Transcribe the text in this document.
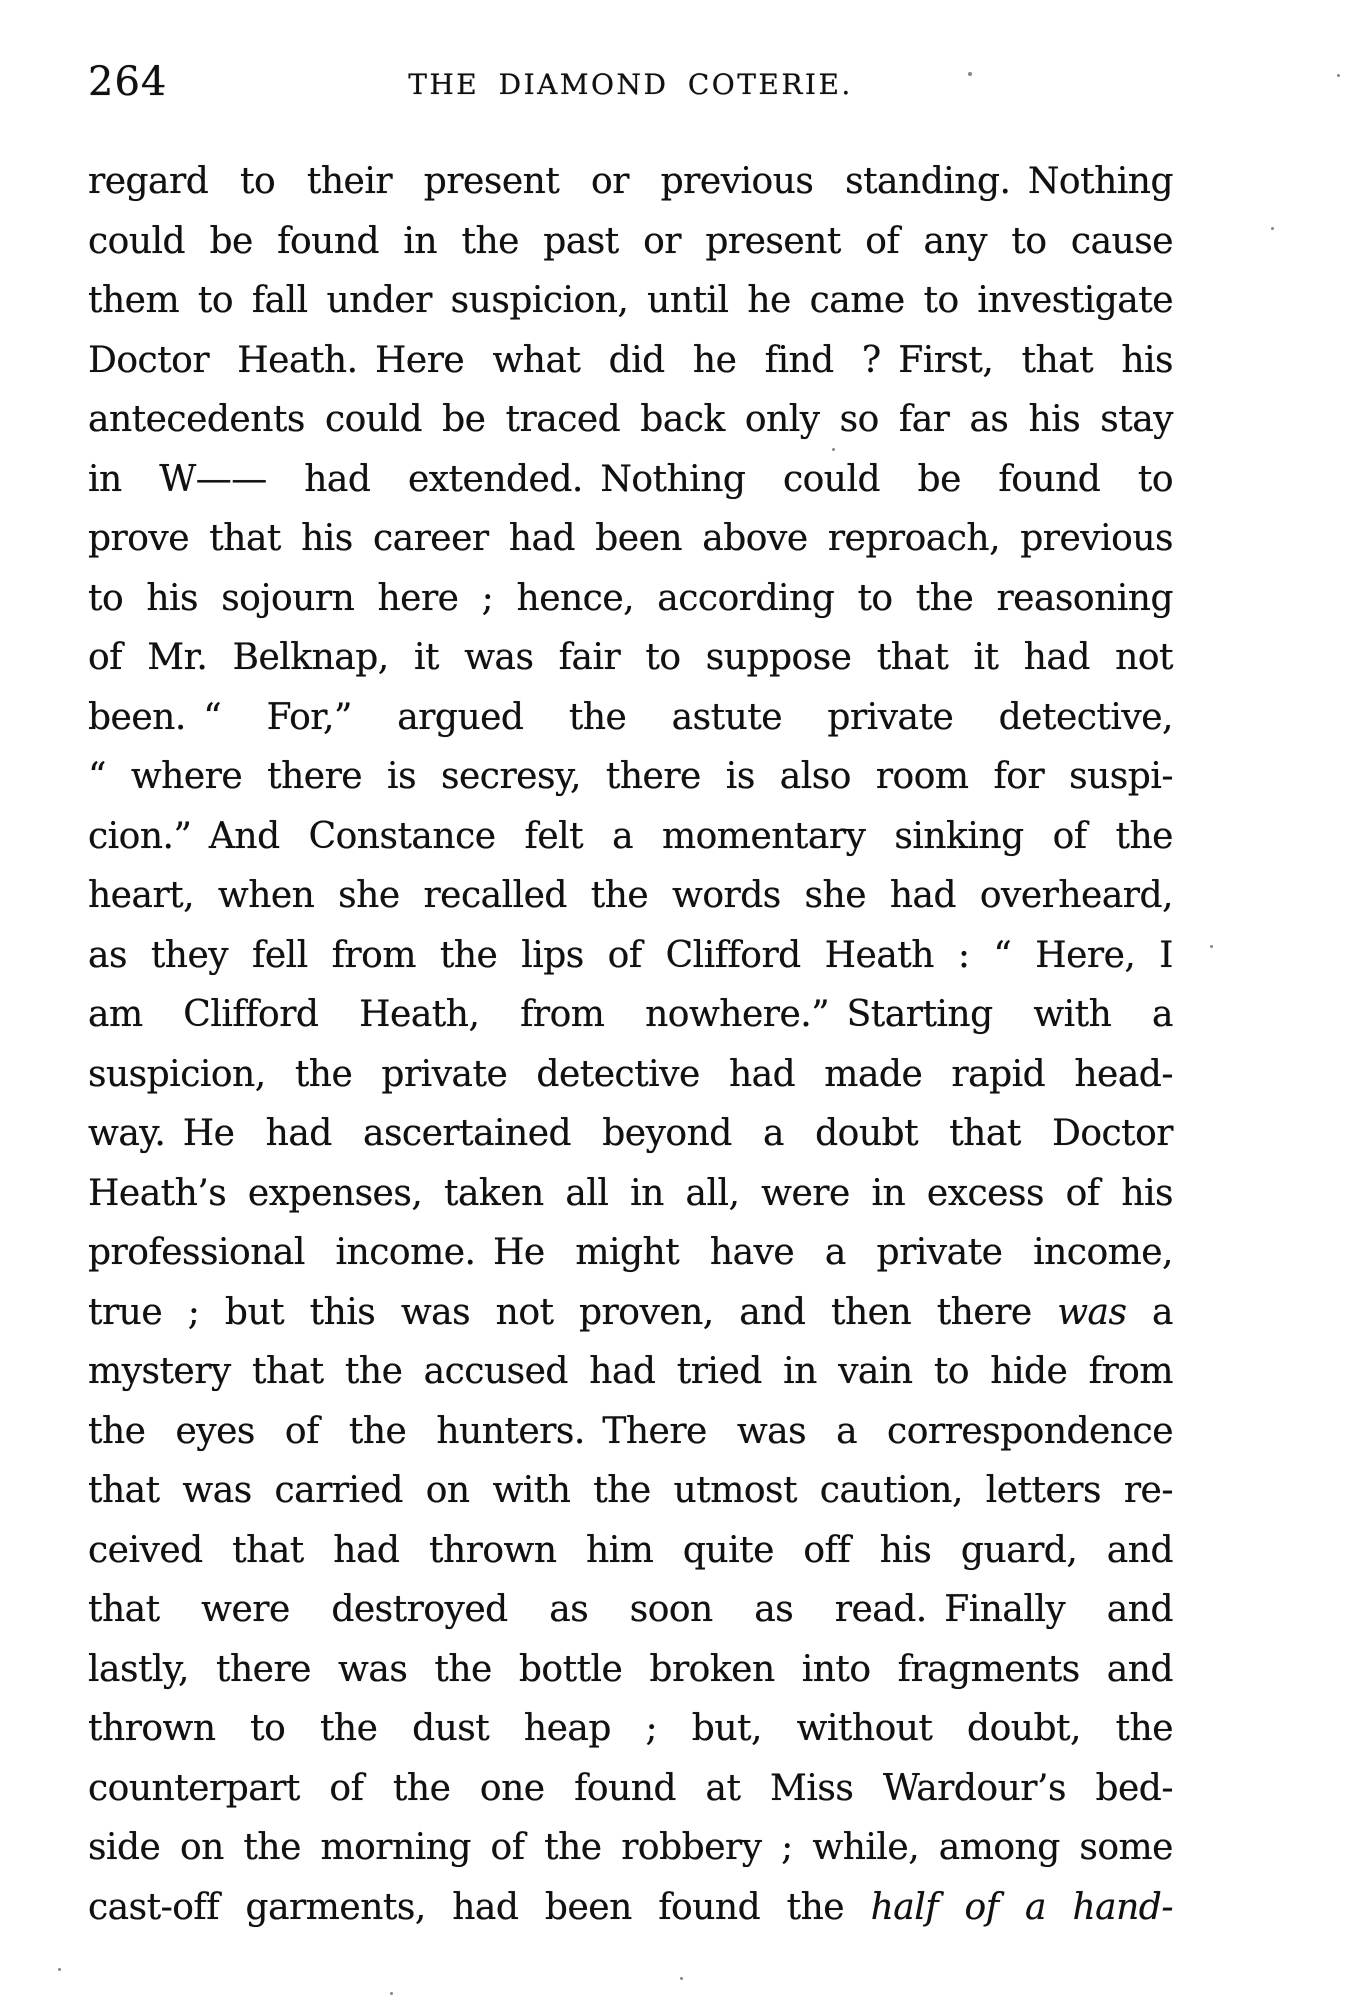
264	THE DIAMOND COTERIE.
regard to their present or previous standing. Nothing
could be found in the past or present of any to cause
them to fall under suspicion, until he came to investigate
Doctor Heath. Here what did he find ? First, that his
antecedents could be traced back only so far as his stay
in W—— had extended. Nothing could be found to
prove that his career had been above reproach, previous
to his sojourn here ; hence, according to the reasoning
of Mr. Belknap, it was fair to suppose that it had not
been. “ For,” argued the astute private detective,
“ where there is secresy, there is also room for suspi-
cion.” And Constance felt a momentary sinking of the
heart, when she recalled the words she had overheard,
as they fell from the lips of Clifford Heath : “ Here, I
am Clifford Heath, from nowhere.” Starting with a
suspicion, the private detective had made rapid head-
way. He had ascertained beyond a doubt that Doctor
Heath’s expenses, taken all in all, were in excess of his
professional income. He might have a private income,
true ; but this was not proven, and then there was a
mystery that the accused had tried in vain to hide from
the eyes of the hunters. There was a correspondence
that was carried on with the utmost caution, letters re-
ceived that had thrown him quite off his guard, and
that were destroyed as soon as read. Finally and
lastly, there was the bottle broken into fragments and
thrown to the dust heap ; but, without doubt, the
counterpart of the one found at Miss Wardour’s bed-
side on the morning of the robbery ; while, among some
cast-off garments, had been found the half of a hand-
